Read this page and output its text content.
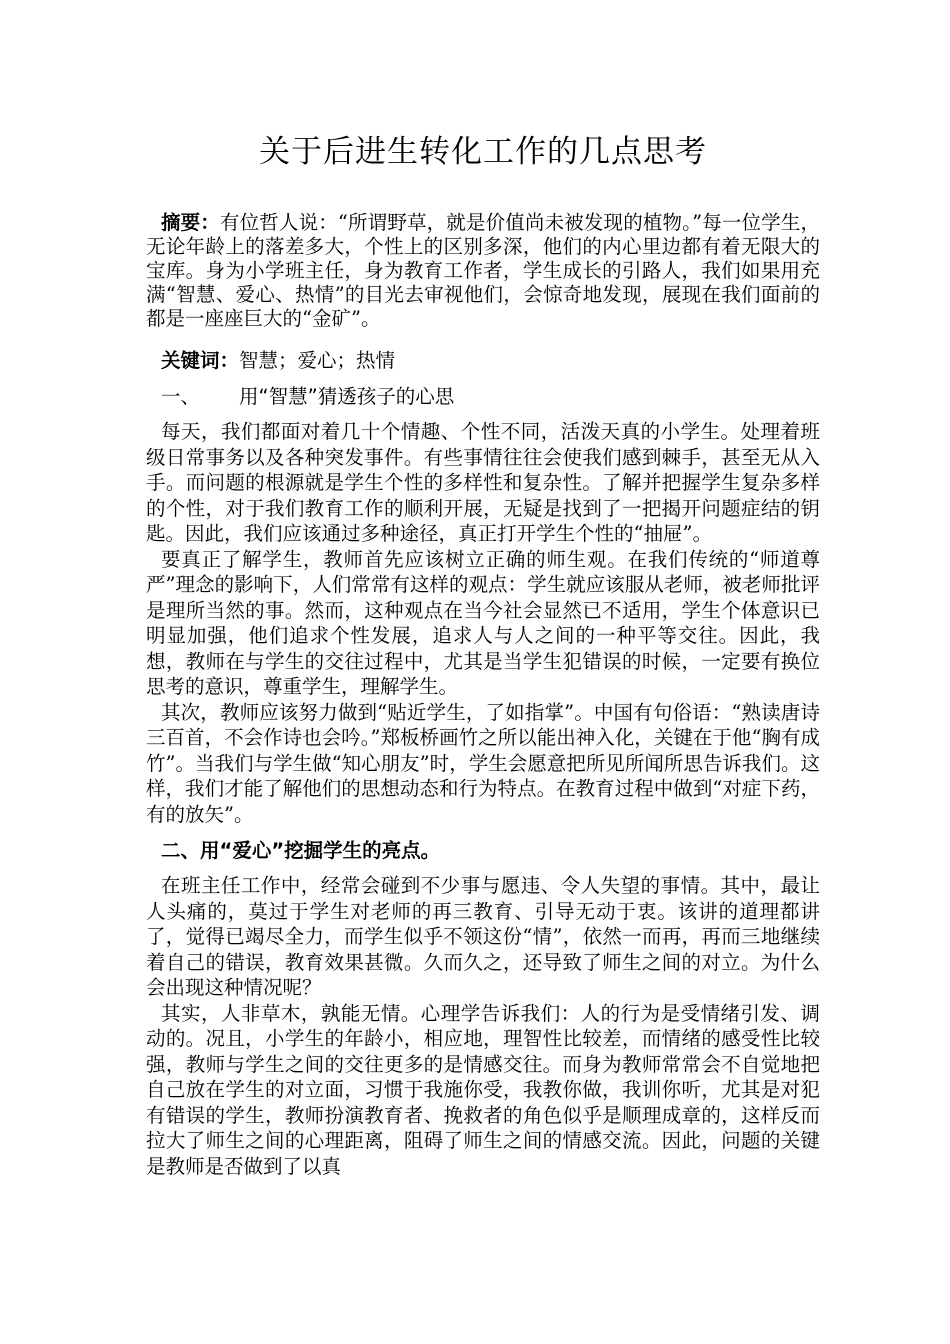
关于后进生转化工作的几点思考

摘要：有位哲人说：“所谓野草，就是价值尚未被发现的植物。”每一位学生，无论年龄上的落差多大，个性上的区别多深，他们的内心里边都有着无限大的宝库。身为小学班主任，身为教育工作者，学生成长的引路人，我们如果用充满“智慧、爱心、热情”的目光去审视他们，会惊奇地发现，展现在我们面前的都是一座座巨大的“金矿”。

关键词：智慧；爱心；热情

一、 用“智慧”猜透孩子的心思

每天，我们都面对着几十个情趣、个性不同，活泼天真的小学生。处理着班级日常事务以及各种突发事件。有些事情往往会使我们感到棘手，甚至无从入手。而问题的根源就是学生个性的多样性和复杂性。了解并把握学生复杂多样的个性，对于我们教育工作的顺利开展，无疑是找到了一把揭开问题症结的钥匙。因此，我们应该通过多种途径，真正打开学生个性的“抽屉”。

要真正了解学生，教师首先应该树立正确的师生观。在我们传统的“师道尊严”理念的影响下，人们常常有这样的观点：学生就应该服从老师，被老师批评是理所当然的事。然而，这种观点在当今社会显然已不适用，学生个体意识已明显加强，他们追求个性发展，追求人与人之间的一种平等交往。因此，我想，教师在与学生的交往过程中，尤其是当学生犯错误的时候，一定要有换位思考的意识，尊重学生，理解学生。

其次，教师应该努力做到“贴近学生，了如指掌”。中国有句俗语：“熟读唐诗三百首，不会作诗也会吟。”郑板桥画竹之所以能出神入化，关键在于他“胸有成竹”。当我们与学生做“知心朋友”时，学生会愿意把所见所闻所思告诉我们。这样，我们才能了解他们的思想动态和行为特点。在教育过程中做到“对症下药，有的放矢”。

二、用“爱心”挖掘学生的亮点。

在班主任工作中，经常会碰到不少事与愿违、令人失望的事情。其中，最让人头痛的，莫过于学生对老师的再三教育、引导无动于衷。该讲的道理都讲了，觉得已竭尽全力，而学生似乎不领这份“情”，依然一而再，再而三地继续着自己的错误，教育效果甚微。久而久之，还导致了师生之间的对立。为什么会出现这种情况呢？

其实，人非草木，孰能无情。心理学告诉我们：人的行为是受情绪引发、调动的。况且，小学生的年龄小，相应地，理智性比较差，而情绪的感受性比较强，教师与学生之间的交往更多的是情感交往。而身为教师常常会不自觉地把自己放在学生的对立面，习惯于我施你受，我教你做，我训你听，尤其是对犯有错误的学生，教师扮演教育者、挽救者的角色似乎是顺理成章的，这样反而拉大了师生之间的心理距离，阻碍了师生之间的情感交流。因此，问题的关键是教师是否做到了以真
